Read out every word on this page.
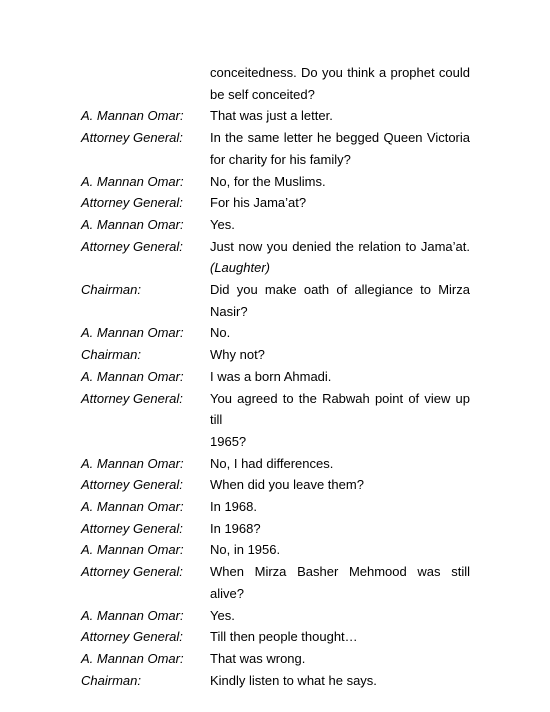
conceitedness. Do you think a prophet could
be self conceited?
A. Mannan Omar:	That was just a letter.
Attorney General:	In the same letter he begged Queen Victoria
for charity for his family?
A. Mannan Omar:	No, for the Muslims.
Attorney General:	For his Jama’at?
A. Mannan Omar:	Yes.
Attorney General:	Just now you denied the relation to Jama’at.
(Laughter)
Chairman:	Did you make oath of allegiance to Mirza
Nasir?
A. Mannan Omar:	No.
Chairman:	Why not?
A. Mannan Omar:	I was a born Ahmadi.
Attorney General:	You agreed to the Rabwah point of view up till
1965?
A. Mannan Omar:	No, I had differences.
Attorney General:	When did you leave them?
A. Mannan Omar:	In 1968.
Attorney General:	In 1968?
A. Mannan Omar:	No, in 1956.
Attorney General:	When Mirza Basher Mehmood was still alive?
A. Mannan Omar:	Yes.
Attorney General:	Till then people thought…
A. Mannan Omar:	That was wrong.
Chairman:	Kindly listen to what he says.
